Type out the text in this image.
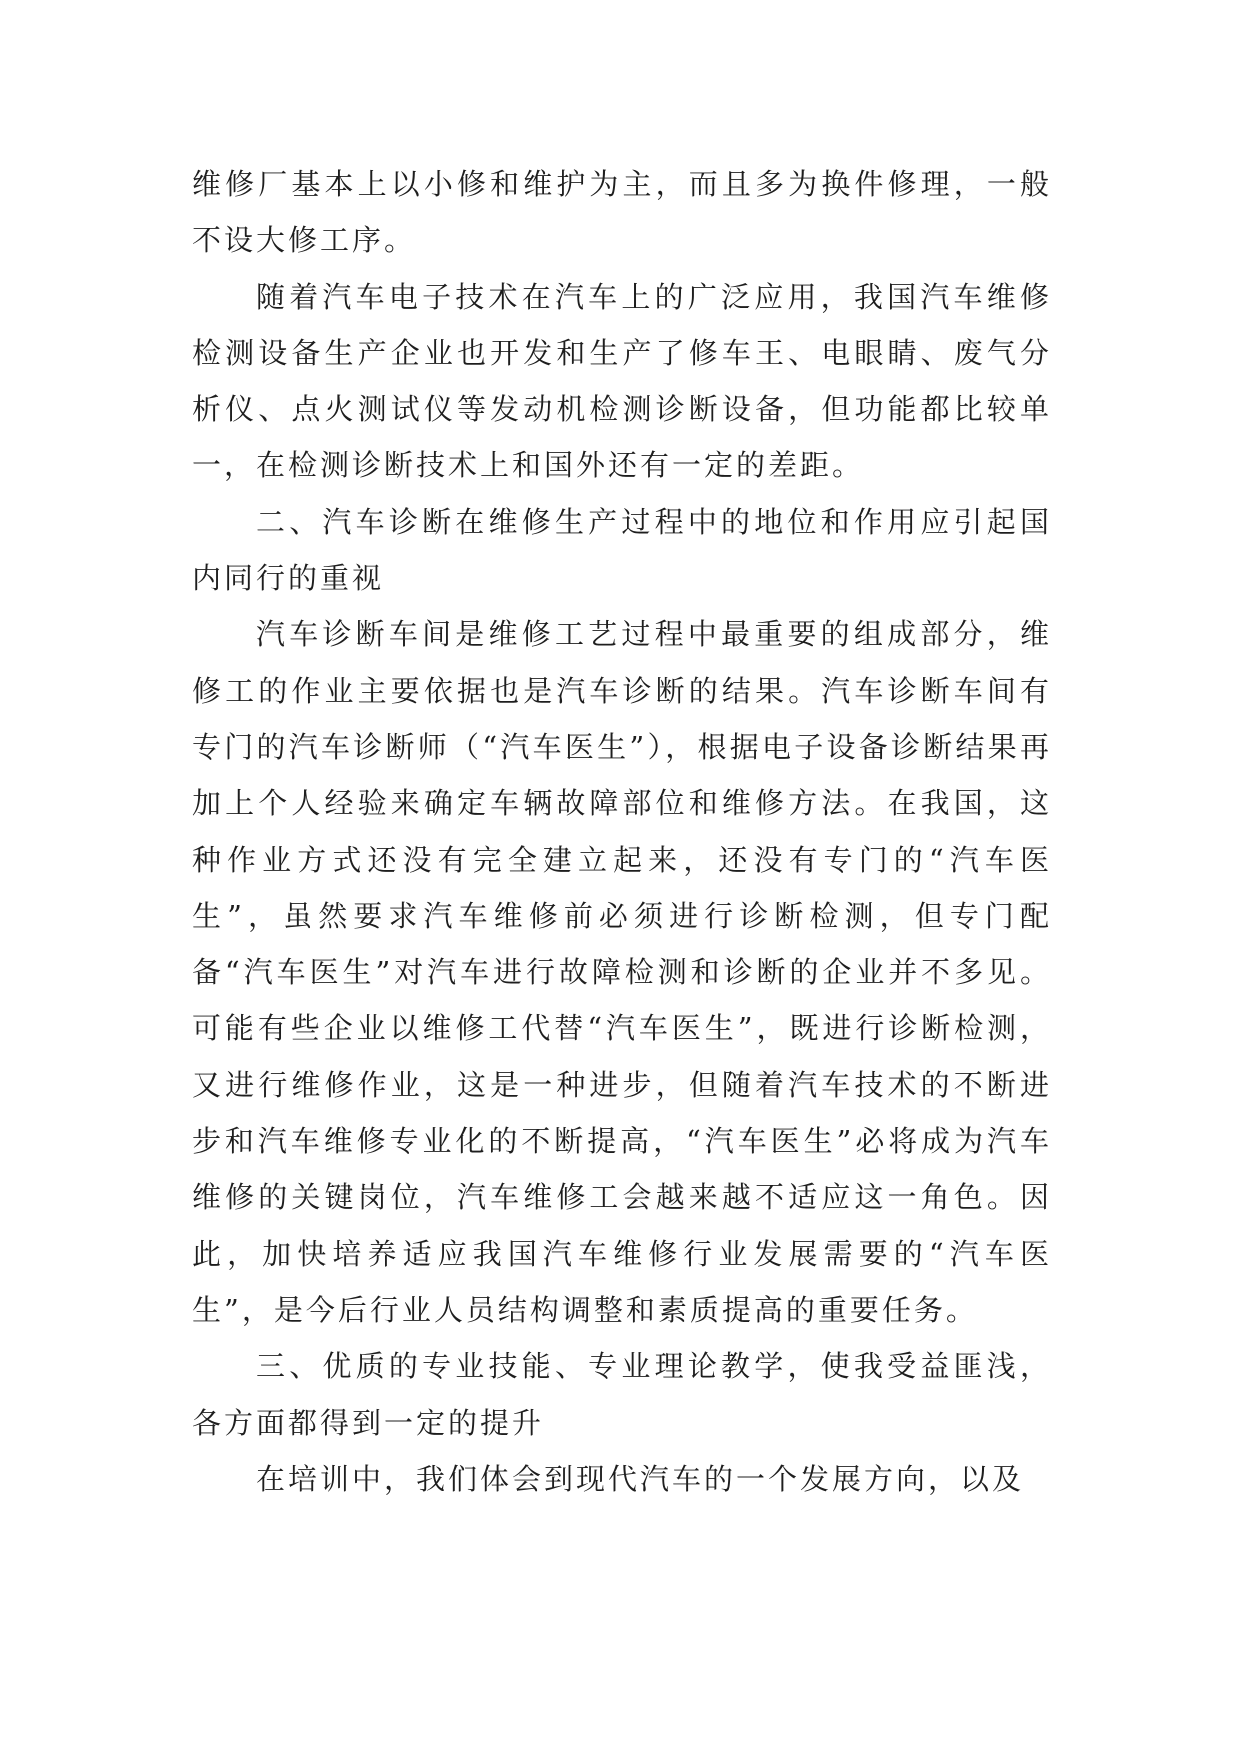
维修厂基本上以小修和维护为主，而且多为换件修理，一般不设大修工序。

随着汽车电子技术在汽车上的广泛应用，我国汽车维修检测设备生产企业也开发和生产了修车王、电眼睛、废气分析仪、点火测试仪等发动机检测诊断设备，但功能都比较单一，在检测诊断技术上和国外还有一定的差距。

二、汽车诊断在维修生产过程中的地位和作用应引起国内同行的重视

汽车诊断车间是维修工艺过程中最重要的组成部分，维修工的作业主要依据也是汽车诊断的结果。汽车诊断车间有专门的汽车诊断师（“汽车医生”），根据电子设备诊断结果再加上个人经验来确定车辆故障部位和维修方法。在我国，这种作业方式还没有完全建立起来，还没有专门的“汽车医生”，虽然要求汽车维修前必须进行诊断检测，但专门配备“汽车医生”对汽车进行故障检测和诊断的企业并不多见。可能有些企业以维修工代替“汽车医生”，既进行诊断检测，又进行维修作业，这是一种进步，但随着汽车技术的不断进步和汽车维修专业化的不断提高，“汽车医生”必将成为汽车维修的关键岗位，汽车维修工会越来越不适应这一角色。因此，加快培养适应我国汽车维修行业发展需要的“汽车医生”，是今后行业人员结构调整和素质提高的重要任务。

三、优质的专业技能、专业理论教学，使我受益匪浅，各方面都得到一定的提升

在培训中，我们体会到现代汽车的一个发展方向，以及
